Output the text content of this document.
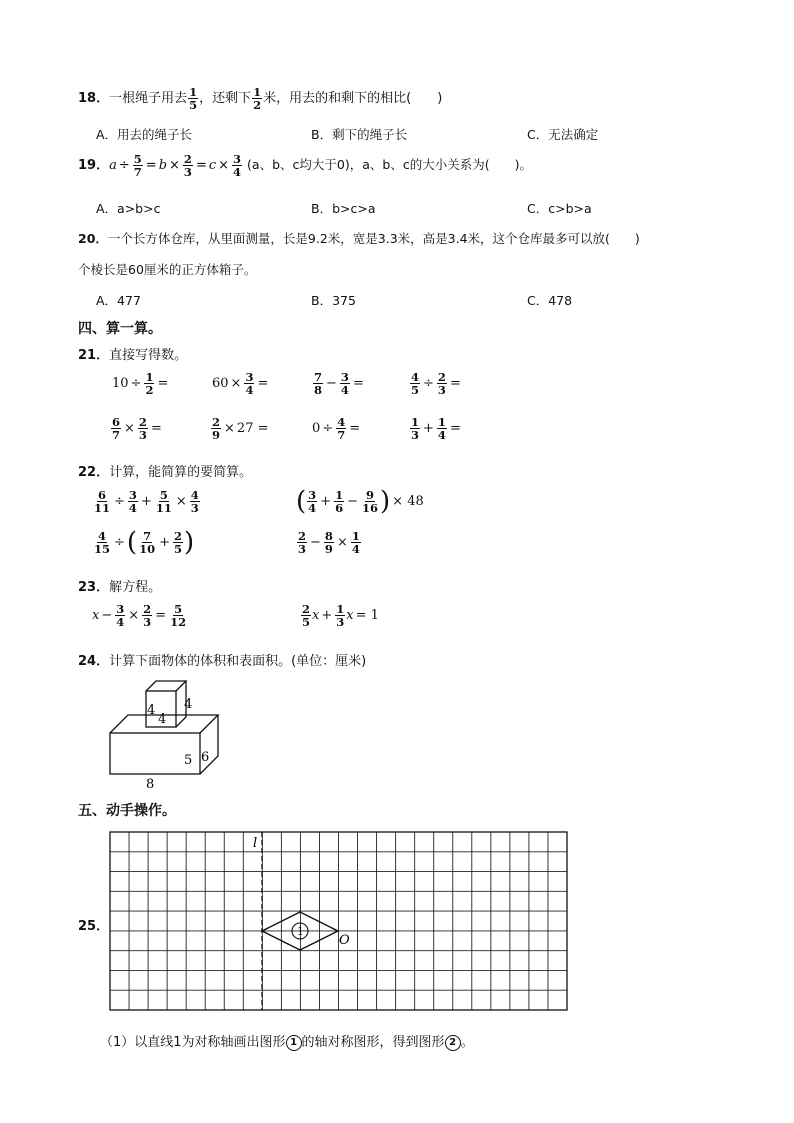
18．一根绳子用去 $\frac{1}{5}$ ，还剩下 $\frac{1}{2}$ 米，用去的和剩下的相比(　　)
A．用去的绳子长	B．剩下的绳子长	C．无法确定
19．$a \div \frac{5}{7} = b \times \frac{2}{3} = c \times \frac{3}{4} (a$、b、c均大于0)，a、b、c的大小关系为(　　)。
A．a>b>c	B．b>c>a	C．c>b>a
20．一个长方体仓库，从里面测量，长是9.2米，宽是3.3米，高是3.4米，这个仓库最多可以放(　　)
个棱长是60厘米的正方体箱子。
A．477	B．375	C．478
四、算一算。
21．直接写得数。
$10 \div \frac{1}{2}$ =	$60 \times \frac{3}{4}$ =	$\frac{7}{8} - \frac{3}{4}$ =	$\frac{4}{5} \div \frac{2}{3}$ =
$\frac{6}{7} \times \frac{2}{3}$ =	$\frac{2}{9} \times 27$ =	$0 \div \frac{4}{7}$ =	$\frac{1}{3} + \frac{1}{4}$ =
22．计算，能简算的要简算。
$\frac{6}{11} \div \frac{3}{4} + \frac{5}{11} \times \frac{4}{3}$	( $\frac{3}{4} + \frac{1}{6} - \frac{9}{16}$ ) × 48
$\frac{4}{15}$ ÷( $\frac{7}{10} + \frac{2}{5}$ )	$\frac{2}{3} - \frac{8}{9} \times \frac{1}{4}$
23．解方程。
$x - \frac{3}{4} \times \frac{2}{3} = \frac{5}{12}$	$\frac{2}{5}$ $x + \frac{1}{3}$ x = 1
24．计算下面物体的体积和表面积。(单位：厘米)
4 4
4
5 6
8
五、动手操作。
25．
l
1
O
（1）以直线1为对称轴画出图形 1 的轴对称图形，得到图形 2 。
